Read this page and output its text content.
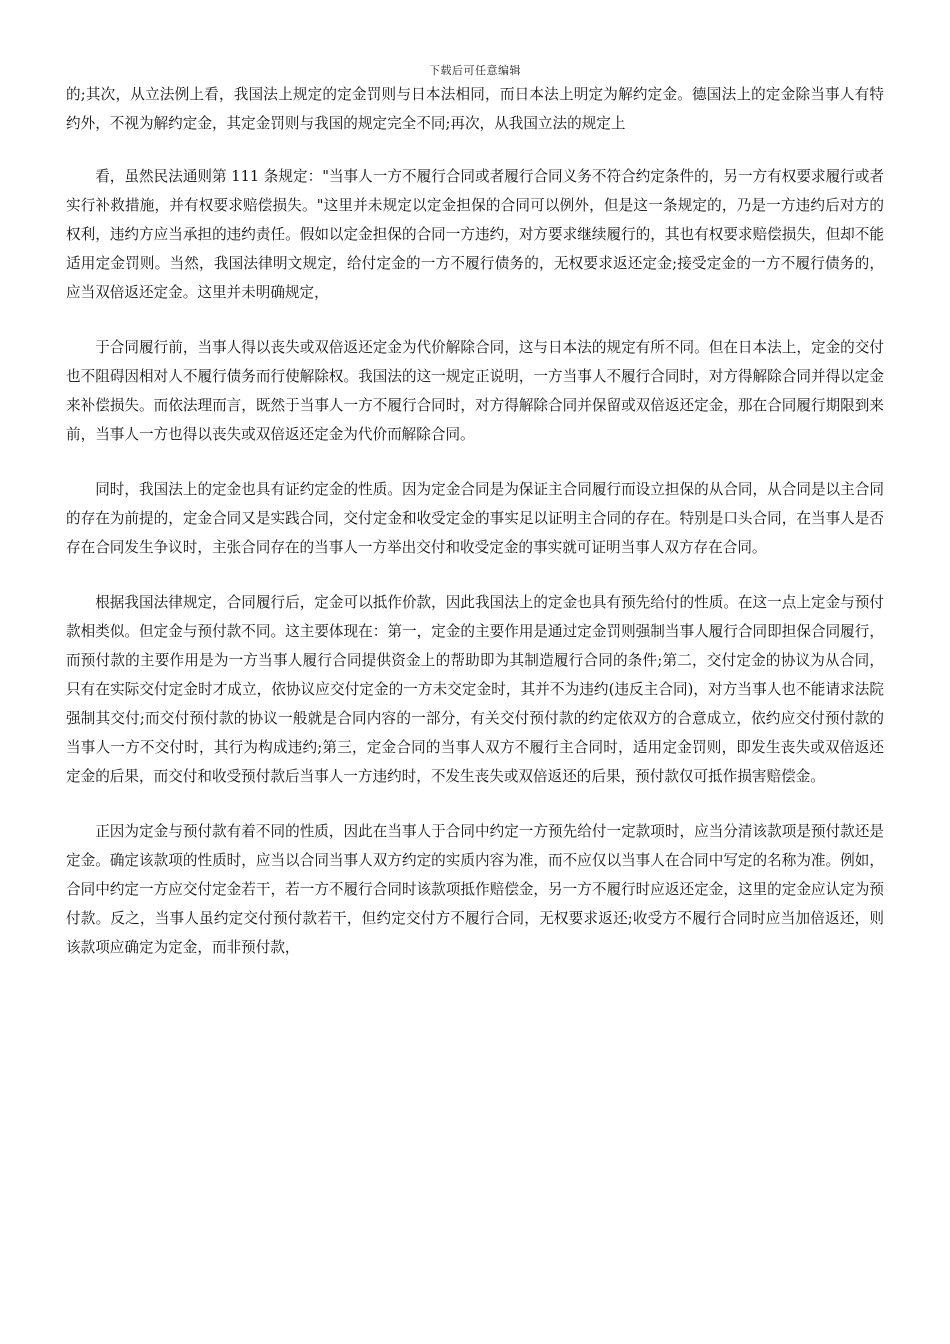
下载后可任意编辑

的;其次，从立法例上看，我国法上规定的定金罚则与日本法相同，而日本法上明定为解约定金。德国法上的定金除当事人有特约外，不视为解约定金，其定金罚则与我国的规定完全不同;再次，从我国立法的规定上

看，虽然民法通则第 111 条规定："当事人一方不履行合同或者履行合同义务不符合约定条件的，另一方有权要求履行或者实行补救措施，并有权要求赔偿损失。"这里并未规定以定金担保的合同可以例外，但是这一条规定的，乃是一方违约后对方的权利，违约方应当承担的违约责任。假如以定金担保的合同一方违约，对方要求继续履行的，其也有权要求赔偿损失，但却不能适用定金罚则。当然，我国法律明文规定，给付定金的一方不履行债务的，无权要求返还定金;接受定金的一方不履行债务的，应当双倍返还定金。这里并未明确规定，

于合同履行前，当事人得以丧失或双倍返还定金为代价解除合同，这与日本法的规定有所不同。但在日本法上，定金的交付也不阻碍因相对人不履行债务而行使解除权。我国法的这一规定正说明，一方当事人不履行合同时，对方得解除合同并得以定金来补偿损失。而依法理而言，既然于当事人一方不履行合同时，对方得解除合同并保留或双倍返还定金，那在合同履行期限到来前，当事人一方也得以丧失或双倍返还定金为代价而解除合同。

同时，我国法上的定金也具有证约定金的性质。因为定金合同是为保证主合同履行而设立担保的从合同，从合同是以主合同的存在为前提的，定金合同又是实践合同，交付定金和收受定金的事实足以证明主合同的存在。特别是口头合同，在当事人是否存在合同发生争议时，主张合同存在的当事人一方举出交付和收受定金的事实就可证明当事人双方存在合同。

根据我国法律规定，合同履行后，定金可以抵作价款，因此我国法上的定金也具有预先给付的性质。在这一点上定金与预付款相类似。但定金与预付款不同。这主要体现在：第一，定金的主要作用是通过定金罚则强制当事人履行合同即担保合同履行，而预付款的主要作用是为一方当事人履行合同提供资金上的帮助即为其制造履行合同的条件;第二，交付定金的协议为从合同，只有在实际交付定金时才成立，依协议应交付定金的一方未交定金时，其并不为违约(违反主合同)，对方当事人也不能请求法院强制其交付;而交付预付款的协议一般就是合同内容的一部分，有关交付预付款的约定依双方的合意成立，依约应交付预付款的当事人一方不交付时，其行为构成违约;第三，定金合同的当事人双方不履行主合同时，适用定金罚则，即发生丧失或双倍返还定金的后果，而交付和收受预付款后当事人一方违约时，不发生丧失或双倍返还的后果，预付款仅可抵作损害赔偿金。

正因为定金与预付款有着不同的性质，因此在当事人于合同中约定一方预先给付一定款项时，应当分清该款项是预付款还是定金。确定该款项的性质时，应当以合同当事人双方约定的实质内容为准，而不应仅以当事人在合同中写定的名称为准。例如，合同中约定一方应交付定金若干，若一方不履行合同时该款项抵作赔偿金，另一方不履行时应返还定金，这里的定金应认定为预付款。反之，当事人虽约定交付预付款若干，但约定交付方不履行合同，无权要求返还;收受方不履行合同时应当加倍返还，则该款项应确定为定金，而非预付款，
